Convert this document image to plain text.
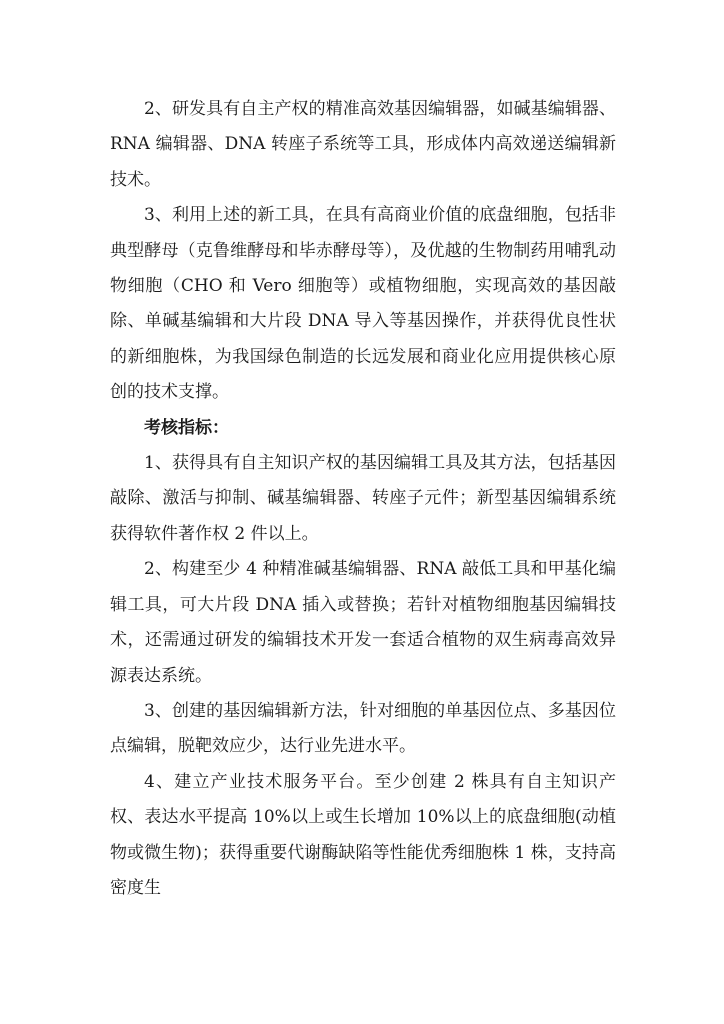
2、研发具有自主产权的精准高效基因编辑器，如碱基编辑器、RNA 编辑器、DNA 转座子系统等工具，形成体内高效递送编辑新技术。

3、利用上述的新工具，在具有高商业价值的底盘细胞，包括非典型酵母（克鲁维酵母和毕赤酵母等），及优越的生物制药用哺乳动物细胞（CHO 和 Vero 细胞等）或植物细胞，实现高效的基因敲除、单碱基编辑和大片段 DNA 导入等基因操作，并获得优良性状的新细胞株，为我国绿色制造的长远发展和商业化应用提供核心原创的技术支撑。

考核指标：

1、获得具有自主知识产权的基因编辑工具及其方法，包括基因敲除、激活与抑制、碱基编辑器、转座子元件；新型基因编辑系统获得软件著作权 2 件以上。

2、构建至少 4 种精准碱基编辑器、RNA 敲低工具和甲基化编辑工具，可大片段 DNA 插入或替换；若针对植物细胞基因编辑技术，还需通过研发的编辑技术开发一套适合植物的双生病毒高效异源表达系统。

3、创建的基因编辑新方法，针对细胞的单基因位点、多基因位点编辑，脱靶效应少，达行业先进水平。

4、建立产业技术服务平台。至少创建 2 株具有自主知识产权、表达水平提高 10%以上或生长增加 10%以上的底盘细胞(动植物或微生物)；获得重要代谢酶缺陷等性能优秀细胞株 1 株，支持高密度生
